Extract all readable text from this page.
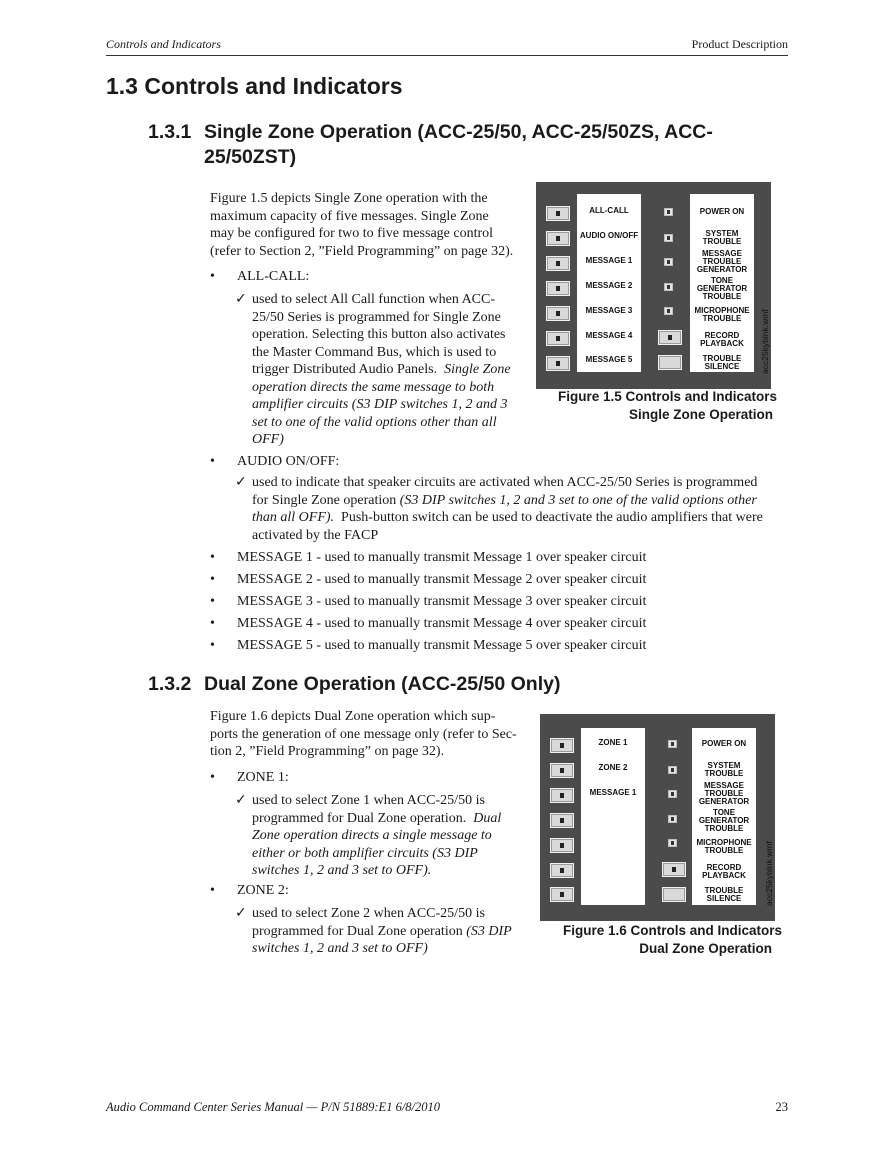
Controls and Indicators	Product Description
1.3 Controls and Indicators
1.3.1 Single Zone Operation (ACC-25/50, ACC-25/50ZS, ACC-
25/50ZST)
Figure 1.5 depicts Single Zone operation with the
maximum capacity of five messages. Single Zone
may be configured for two to five message control
(refer to Section 2, ”Field Programming” on page 32).
• ALL-CALL:
✓ used to select All Call function when ACC-
25/50 Series is programmed for Single Zone
operation. Selecting this button also activates
the Master Command Bus, which is used to
trigger Distributed Audio Panels.  Single Zone
operation directs the same message to both
amplifier circuits (S3 DIP switches 1, 2 and 3
set to one of the valid options other than all
OFF)
• AUDIO ON/OFF:
✓ used to indicate that speaker circuits are activated when ACC-25/50 Series is programmed
for Single Zone operation (S3 DIP switches 1, 2 and 3 set to one of the valid options other
than all OFF).  Push-button switch can be used to deactivate the audio amplifiers that were
activated by the FACP
• MESSAGE 1 - used to manually transmit Message 1 over speaker circuit
• MESSAGE 2 - used to manually transmit Message 2 over speaker circuit
• MESSAGE 3 - used to manually transmit Message 3 over speaker circuit
• MESSAGE 4 - used to manually transmit Message 4 over speaker circuit
• MESSAGE 5 - used to manually transmit Message 5 over speaker circuit
ALL-CALL
AUDIO ON/OFF
MESSAGE 1
MESSAGE 2
MESSAGE 3
MESSAGE 4
MESSAGE 5
POWER ON
SYSTEM
TROUBLE
MESSAGE
TROUBLE
GENERATOR
TONE
GENERATOR
TROUBLE
MICROPHONE
TROUBLE
RECORD
PLAYBACK
TROUBLE
SILENCE	acc25kyblnk.wmf
Figure 1.5 Controls and Indicators
Single Zone Operation
1.3.2 Dual Zone Operation (ACC-25/50 Only)
Figure 1.6 depicts Dual Zone operation which sup-
ports the generation of one message only (refer to Sec-
tion 2, ”Field Programming” on page 32).
• ZONE 1:
✓ used to select Zone 1 when ACC-25/50 is
programmed for Dual Zone operation.  Dual
Zone operation directs a single message to
either or both amplifier circuits (S3 DIP
switches 1, 2 and 3 set to OFF).
• ZONE 2:
✓ used to select Zone 2 when ACC-25/50 is
programmed for Dual Zone operation (S3 DIP
switches 1, 2 and 3 set to OFF)
ZONE 1
ZONE 2
MESSAGE 1
POWER ON
SYSTEM
TROUBLE
MESSAGE
TROUBLE
GENERATOR
TONE
GENERATOR
TROUBLE
MICROPHONE
TROUBLE
RECORD
PLAYBACK
TROUBLE
SILENCE	acc25kyblnk.wmf
Figure 1.6 Controls and Indicators
Dual Zone Operation
Audio Command Center Series Manual — P/N 51889:E1 6/8/2010	23
